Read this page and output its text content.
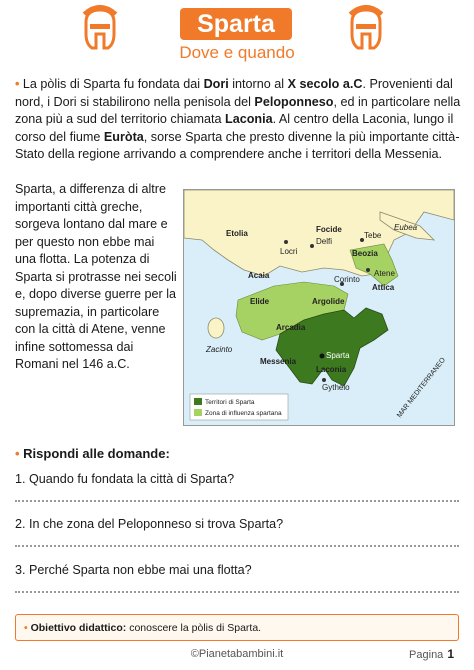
Sparta
Dove e quando
• La pòlis di Sparta fu fondata dai Dori intorno al X secolo a.C. Provenienti dal nord, i Dori si stabilirono nella penisola del Peloponneso, ed in particolare nella zona più a sud del territorio chiamata Laconia. Al centro della Laconia, lungo il corso del fiume Euròta, sorse Sparta che presto divenne la più importante città-Stato della regione arrivando a comprendere anche i territori della Messenia.
Sparta, a differenza di altre importanti città greche, sorgeva lontano dal mare e per questo non ebbe mai una flotta. La potenza di Sparta si protrasse nei secoli e, dopo diverse guerre per la supremazia, in particolare con la città di Atene, venne infine sottomessa dai Romani nel 146 a.C.
Etolia	Focide	Eubea
Beozia
Acaia
Attica
Elide	Argolide
Arcadia
Messenia
Laconia
Locri
Delfi
Tebe
Corinto
Atene
Sparta
Gytheio
Zacinto
MAR MEDITERRANEO
Territori di Sparta
Zona di influenza spartana
• Rispondi alle domande:
1. Quando fu fondata la città di Sparta?
2. In che zona del Peloponneso si trova Sparta?
3. Perché Sparta non ebbe mai una flotta?
• Obiettivo didattico: conoscere la pòlis di Sparta.
©Pianetabambini.it	Pagina 1
